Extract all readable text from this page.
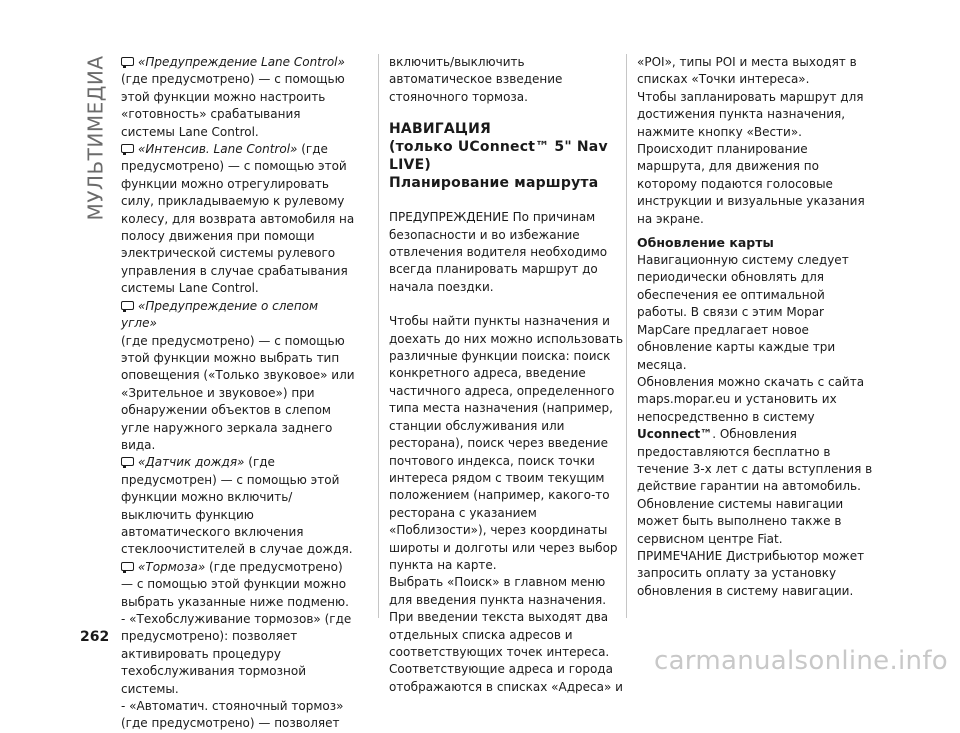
МУЛЬТИМЕДИА	«Предупреждение Lane Control»
(где предусмотрено) — с помощью этой функции можно настроить «готовность» срабатывания системы Lane Control.

«Интенсив. Lane Control» (где предусмотрено) — с помощью этой функции можно отрегулировать силу, прикладываемую к рулевому колесу, для возврата автомобиля на полосу движения при помощи электрической системы рулевого управления в случае срабатывания системы Lane Control.

«Предупреждение о слепом угле»
(где предусмотрено) — с помощью этой функции можно выбрать тип оповещения («Только звуковое» или «Зрительное и звуковое») при обнаружении объектов в слепом угле наружного зеркала заднего вида.

«Датчик дождя» (где предусмотрен) — с помощью этой функции можно включить/выключить функцию автоматического включения стеклоочистителей в случае дождя.

«Тормоза» (где предусмотрено) — с помощью этой функции можно выбрать указанные ниже подменю.

- «Техобслуживание тормозов» (где предусмотрено): позволяет активировать процедуру техобслуживания тормозной системы.

- «Автоматич. стояночный тормоз» (где предусмотрено) — позволяет

включить/выключить автоматическое взведение стояночного тормоза.

НАВИГАЦИЯ

(только UConnect™ 5" Nav LIVE)

Планирование маршрута

ПРЕДУПРЕЖДЕНИЕ По причинам безопасности и во избежание отвлечения водителя необходимо всегда планировать маршрут до начала поездки.

Чтобы найти пункты назначения и доехать до них можно использовать различные функции поиска: поиск конкретного адреса, введение частичного адреса, определенного типа места назначения (например, станции обслуживания или ресторана), поиск через введение почтового индекса, поиск точки интереса рядом с твоим текущим положением (например, какого-то ресторана с указанием «Поблизости»), через координаты широты и долготы или через выбор пункта на карте.

Выбрать «Поиск» в главном меню для введения пункта назначения.

При введении текста выходят два отдельных списка адресов и соответствующих точек интереса.

Соответствующие адреса и города отображаются в списках «Адреса» и

«POI», типы POI и места выходят в списках «Точки интереса».

Чтобы запланировать маршрут для достижения пункта назначения, нажмите кнопку «Вести».

Происходит планирование маршрута, для движения по которому подаются голосовые инструкции и визуальные указания на экране.

Обновление карты

Навигационную систему следует периодически обновлять для обеспечения ее оптимальной работы. В связи с этим Mopar MapCare предлагает новое обновление карты каждые три месяца.

Обновления можно скачать с сайта maps.mopar.eu и установить их непосредственно в систему Uconnect™. Обновления предоставляются бесплатно в течение 3-х лет с даты вступления в действие гарантии на автомобиль.

Обновление системы навигации может быть выполнено также в сервисном центре Fiat.

ПРИМЕЧАНИЕ Дистрибьютор может запросить оплату за установку обновления в систему навигации.

262
carmanualsonline.info
